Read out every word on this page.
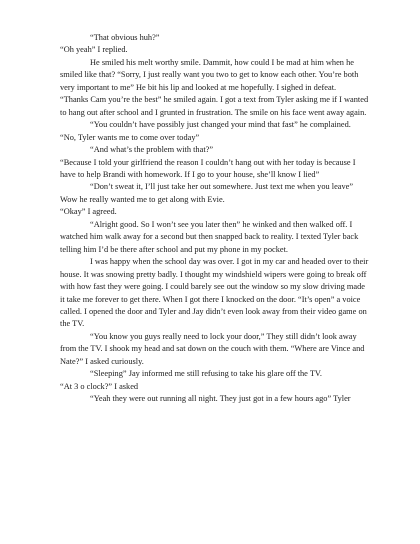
“That obvious huh?”

“Oh yeah” I replied.

He smiled his melt worthy smile. Dammit, how could I be mad at him when he smiled like that? “Sorry, I just really want you two to get to know each other. You’re both very important to me” He bit his lip and looked at me hopefully. I sighed in defeat.

“Thanks Cam you’re the best” he smiled again. I got a text from Tyler asking me if I wanted to hang out after school and I grunted in frustration. The smile on his face went away again.

“You couldn’t have possibly just changed your mind that fast” he complained.

“No, Tyler wants me to come over today”

“And what’s the problem with that?”

“Because I told your girlfriend the reason I couldn’t hang out with her today is because I have to help Brandi with homework. If I go to your house, she’ll know I lied”

“Don’t sweat it, I’ll just take her out somewhere. Just text me when you leave” Wow he really wanted me to get along with Evie.

“Okay” I agreed.

“Alright good. So I won’t see you later then” he winked and then walked off. I watched him walk away for a second but then snapped back to reality. I texted Tyler back telling him I’d be there after school and put my phone in my pocket.

I was happy when the school day was over. I got in my car and headed over to their house. It was snowing pretty badly. I thought my windshield wipers were going to break off with how fast they were going. I could barely see out the window so my slow driving made it take me forever to get there. When I got there I knocked on the door. “It’s open” a voice called. I opened the door and Tyler and Jay didn’t even look away from their video game on the TV.

“You know you guys really need to lock your door,” They still didn’t look away from the TV. I shook my head and sat down on the couch with them. “Where are Vince and Nate?” I asked curiously.

“Sleeping” Jay informed me still refusing to take his glare off the TV.

“At 3 o clock?” I asked

“Yeah they were out running all night. They just got in a few hours ago” Tyler
